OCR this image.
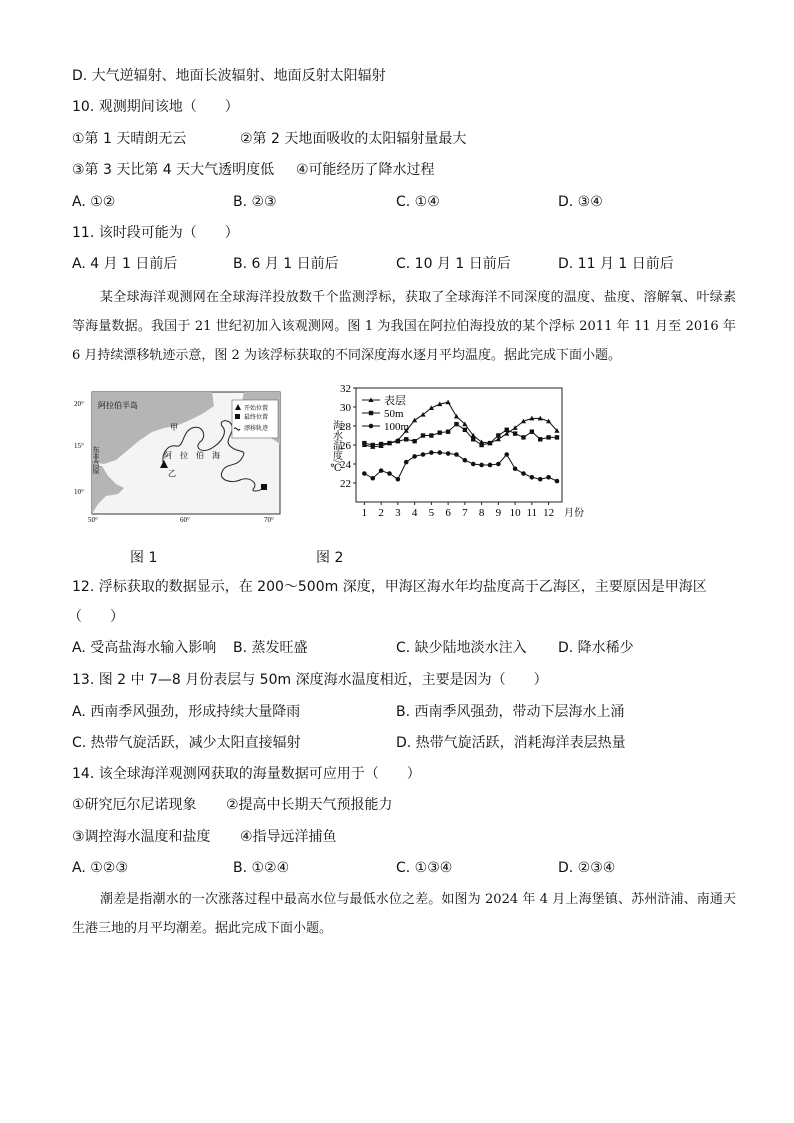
D. 大气逆辐射、地面长波辐射、地面反射太阳辐射
10. 观测期间该地（　　）
①第 1 天晴朗无云	②第 2 天地面吸收的太阳辐射量最大
③第 3 天比第 4 天大气透明度低 ④可能经历了降水过程
A. ①②	B. ②③	C. ①④	D. ③④
11. 该时段可能为（　　）
A. 4 月 1 日前后	B. 6 月 1 日前后	C. 10 月 1 日前后	D. 11 月 1 日前后
某全球海洋观测网在全球海洋投放数千个监测浮标，获取了全球海洋不同深度的温度、盐度、溶解氧、叶绿素等海量数据。我国于 21 世纪初加入该观测网。图 1 为我国在阿拉伯海投放的某个浮标 2011 年 11 月至 2016 年 6 月持续漂移轨迹示意，图 2 为该浮标获取的不同深度海水逐月平均温度。据此完成下面小题。
开始位置
最终位置
漂移轨迹
阿拉伯半岛
阿　拉　伯　海
甲
乙
东非高原
20°
15°
10°
50°	60°	70°
22
24
26
28
30
32
1 2 3 4 5 6 7 8 9 10 11 12 月份
海水温度/℃
表层
50m
100m
图 1	图 2
12. 浮标获取的数据显示，在 200～500m 深度，甲海区海水年均盐度高于乙海区，主要原因是甲海区
（　　）
A. 受高盐海水输入影响 B. 蒸发旺盛	C. 缺少陆地淡水注入 D. 降水稀少
13. 图 2 中 7—8 月份表层与 50m 深度海水温度相近，主要是因为（　　）
A. 西南季风强劲，形成持续大量降雨	B. 西南季风强劲，带动下层海水上涌
C. 热带气旋活跃，减少太阳直接辐射	D. 热带气旋活跃，消耗海洋表层热量
14. 该全球海洋观测网获取的海量数据可应用于（　　）
①研究厄尔尼诺现象 ②提高中长期天气预报能力
③调控海水温度和盐度 ④指导远洋捕鱼
A. ①②③	B. ①②④	C. ①③④	D. ②③④
潮差是指潮水的一次涨落过程中最高水位与最低水位之差。如图为 2024 年 4 月上海堡镇、苏州浒浦、南通天生港三地的月平均潮差。据此完成下面小题。
